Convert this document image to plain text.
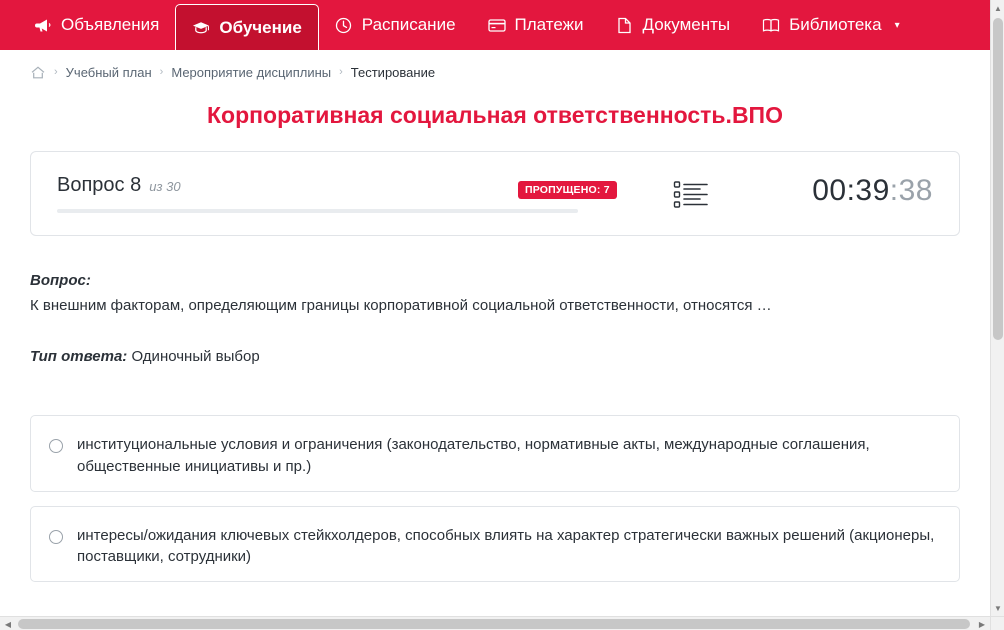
Объявления	Обучение	Расписание	Платежи	Документы	Библиотека ▾
› Учебный план › Мероприятие дисциплины › Тестирование
Корпоративная социальная ответственность.ВПО
Вопрос 8 из 30	ПРОПУЩЕНО: 7	00:39:38
Вопрос:
К внешним факторам, определяющим границы корпоративной социальной ответственности, относятся …
Тип ответа: Одиночный выбор
институциональные условия и ограничения (законодательство, нормативные акты, международные соглашения, общественные инициативы и пр.)
интересы/ожидания ключевых стейкхолдеров, способных влиять на характер стратегически важных решений (акционеры, поставщики, сотрудники)
▲
▼
◀	▶
